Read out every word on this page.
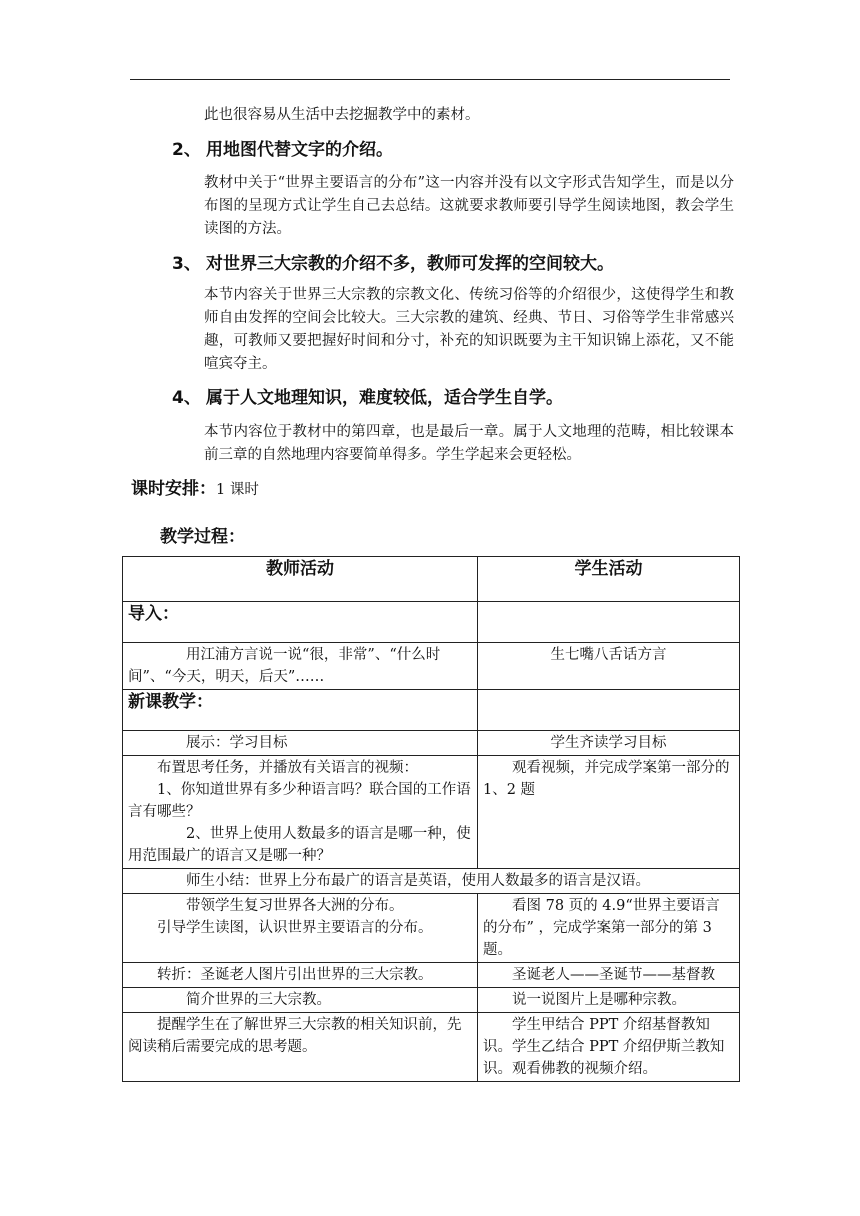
此也很容易从生活中去挖掘教学中的素材。
2、 用地图代替文字的介绍。
教材中关于“世界主要语言的分布”这一内容并没有以文字形式告知学生，而是以分布图的呈现方式让学生自己去总结。这就要求教师要引导学生阅读地图，教会学生读图的方法。
3、 对世界三大宗教的介绍不多，教师可发挥的空间较大。
本节内容关于世界三大宗教的宗教文化、传统习俗等的介绍很少，这使得学生和教师自由发挥的空间会比较大。三大宗教的建筑、经典、节日、习俗等学生非常感兴趣，可教师又要把握好时间和分寸，补充的知识既要为主干知识锦上添花，又不能喧宾夺主。
4、 属于人文地理知识，难度较低，适合学生自学。
本节内容位于教材中的第四章，也是最后一章。属于人文地理的范畴，相比较课本前三章的自然地理内容要简单得多。学生学起来会更轻松。
课时安排：1 课时
教学过程：
教师活动	学生活动
导入：	
用江浦方言说一说“很，非常”、“什么时间”、“今天，明天，后天”……	生七嘴八舌话方言
新课教学：	
展示：学习目标	学生齐读学习目标

布置思考任务，并播放有关语言的视频：
1、你知道世界有多少种语言吗？联合国的工作语言有哪些？
2、世界上使用人数最多的语言是哪一种，使用范围最广的语言又是哪一种？	观看视频，并完成学案第一部分的 1、2 题
师生小结：世界上分布最广的语言是英语，使用人数最多的语言是汉语。	

带领学生复习世界各大洲的分布。
引导学生读图，认识世界主要语言的分布。	看图 78 页的 4.9“世界主要语言的分布” ，完成学案第一部分的第 3 题。
转折：圣诞老人图片引出世界的三大宗教。	圣诞老人——圣诞节——基督教
简介世界的三大宗教。	说一说图片上是哪种宗教。
提醒学生在了解世界三大宗教的相关知识前，先阅读稍后需要完成的思考题。	学生甲结合 PPT 介绍基督教知识。学生乙结合 PPT 介绍伊斯兰教知识。观看佛教的视频介绍。
